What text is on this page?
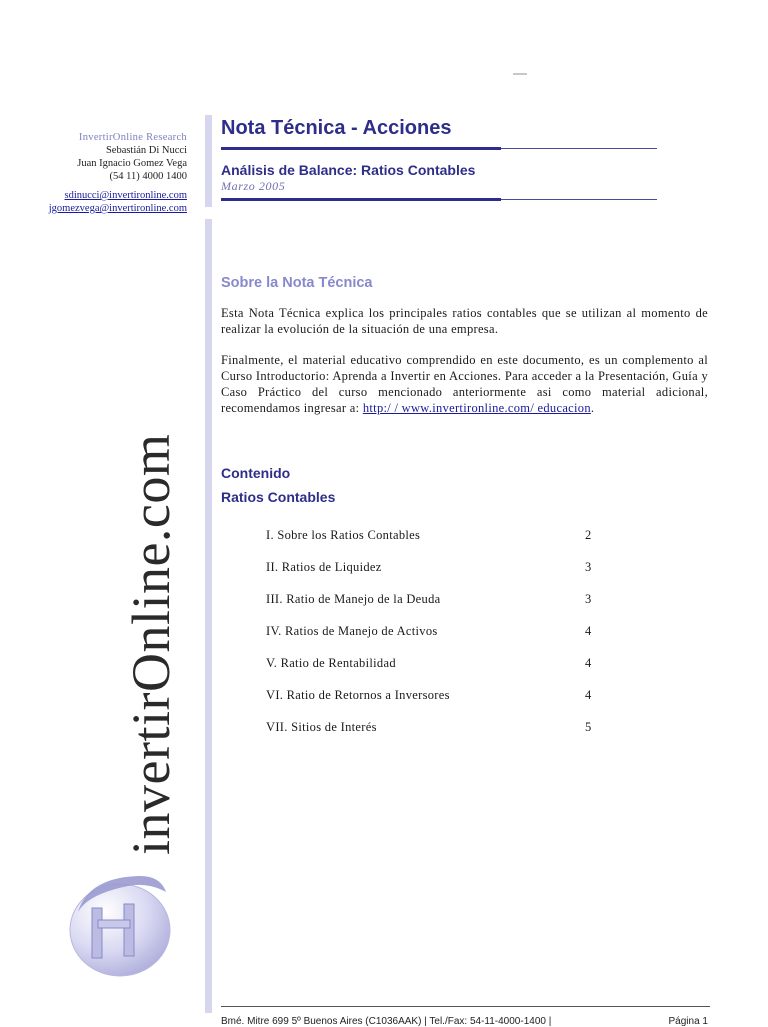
InvertirOnline Research
Sebastián Di Nucci
Juan Ignacio Gomez Vega
(54 11) 4000 1400
sdinucci@invertironline.com
jgomezvega@invertironline.com
Nota Técnica - Acciones
Análisis de Balance: Ratios Contables
Marzo 2005
Sobre la Nota Técnica
Esta Nota Técnica explica los principales ratios contables que se utilizan al momento de realizar la evolución de la situación de una empresa.
Finalmente, el material educativo comprendido en este documento, es un complemento al Curso Introductorio: Aprenda a Invertir en Acciones. Para acceder a la Presentación, Guía y Caso Práctico del curso mencionado anteriormente asi como material adicional, recomendamos ingresar a: http:/ / www.invertironline.com/ educacion.
Contenido
Ratios Contables
I. Sobre los Ratios Contables	2
II. Ratios de Liquidez	3
III. Ratio de Manejo de la Deuda	3
IV. Ratios de Manejo de Activos	4
V. Ratio de Rentabilidad	4
VI. Ratio de Retornos a Inversores	4
VII. Sitios de Interés	5
invertirOnline.com
Bmé. Mitre 699 5º Buenos Aires (C1036AAK) | Tel./Fax: 54-11-4000-1400 |	Página 1
